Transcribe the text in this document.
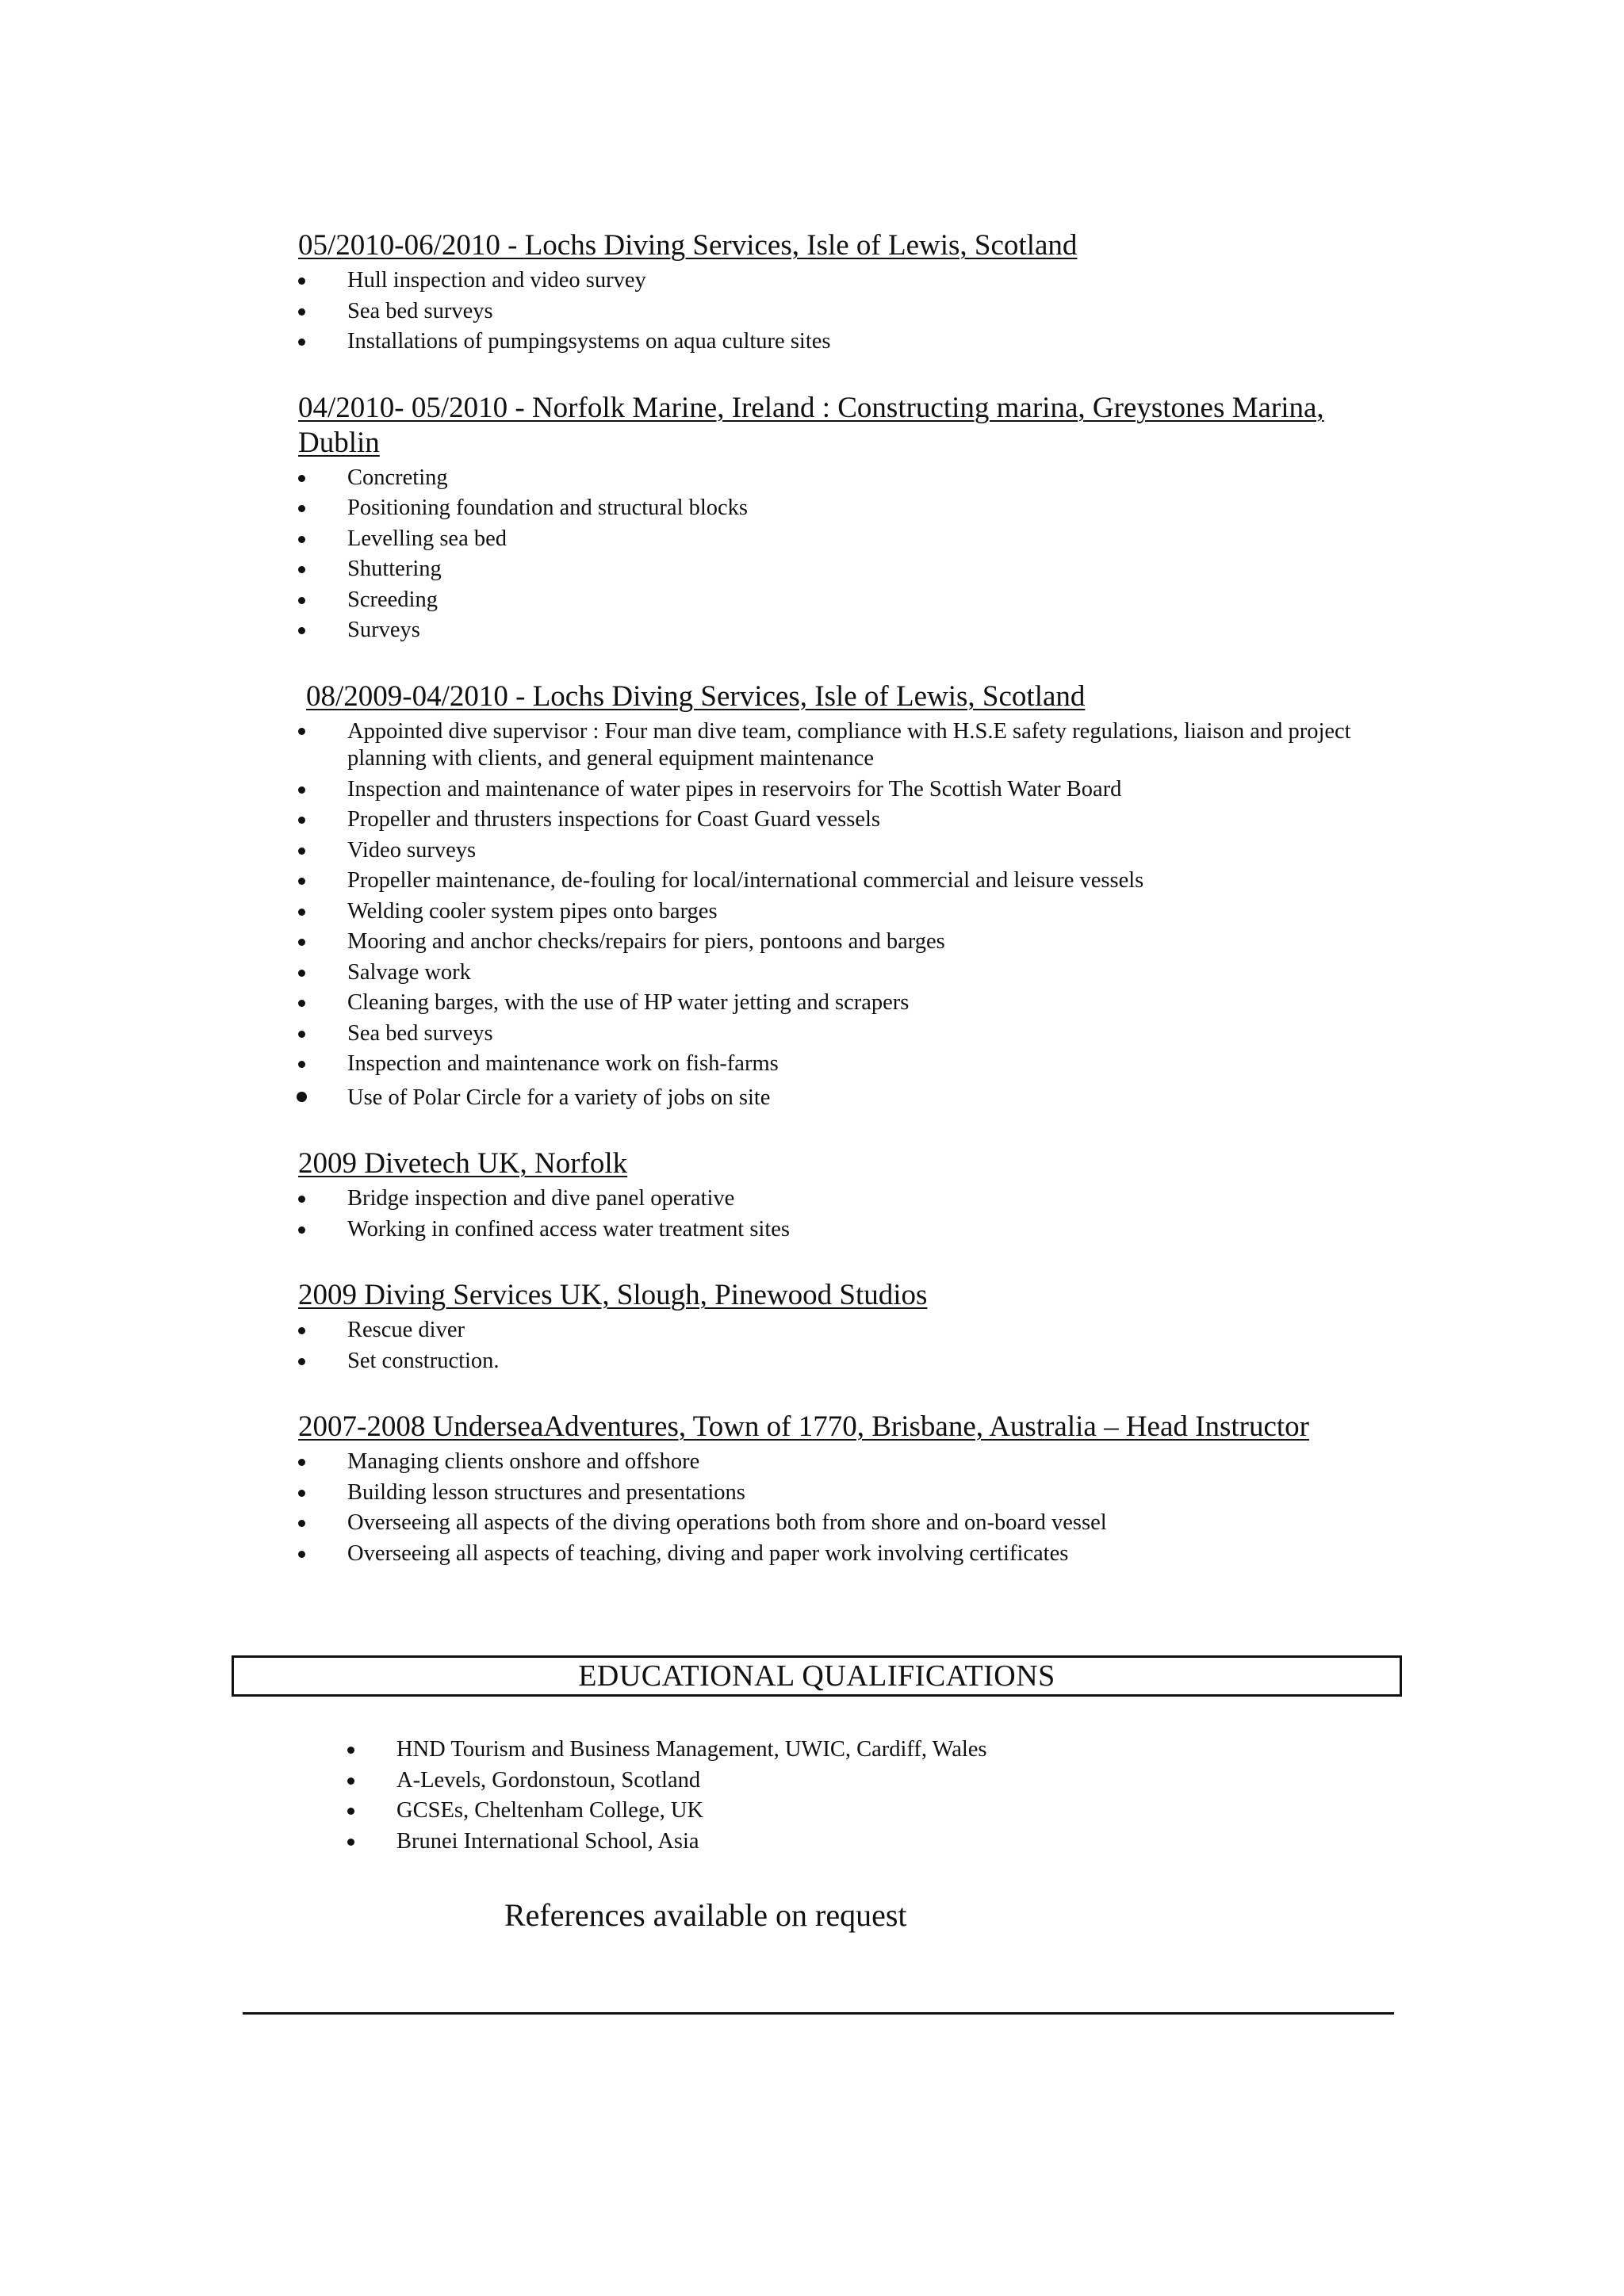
05/2010-06/2010 - Lochs Diving Services, Isle of Lewis, Scotland
Hull inspection and video survey
Sea bed surveys
Installations of pumpingsystems on aqua culture sites
04/2010- 05/2010 - Norfolk Marine, Ireland : Constructing marina, Greystones Marina, Dublin
Concreting
Positioning foundation and structural blocks
Levelling sea bed
Shuttering
Screeding
Surveys
08/2009-04/2010 - Lochs Diving Services, Isle of Lewis, Scotland
Appointed dive supervisor : Four man dive team, compliance with H.S.E safety regulations, liaison and project planning with clients, and general equipment maintenance
Inspection and maintenance of water pipes in reservoirs for The Scottish Water Board
Propeller and thrusters inspections for Coast Guard vessels
Video surveys
Propeller maintenance, de-fouling for local/international commercial and leisure vessels
Welding cooler system pipes onto barges
Mooring and anchor checks/repairs for piers, pontoons and barges
Salvage work
Cleaning barges, with the use of HP water jetting and scrapers
Sea bed surveys
Inspection and maintenance work on fish-farms
Use of Polar Circle for a variety of jobs on site
2009 Divetech UK, Norfolk
Bridge inspection and dive panel operative
Working in confined access water treatment sites
2009 Diving Services UK, Slough, Pinewood Studios
Rescue diver
Set construction.
2007-2008 UnderseaAdventures, Town of 1770, Brisbane, Australia – Head Instructor
Managing clients onshore and offshore
Building lesson structures and presentations
Overseeing all aspects of the diving operations both from shore and on-board vessel
Overseeing all aspects of teaching, diving and paper work involving certificates
EDUCATIONAL QUALIFICATIONS
HND Tourism and Business Management, UWIC, Cardiff, Wales
A-Levels, Gordonstoun, Scotland
GCSEs, Cheltenham College, UK
Brunei International School, Asia
References available on request
